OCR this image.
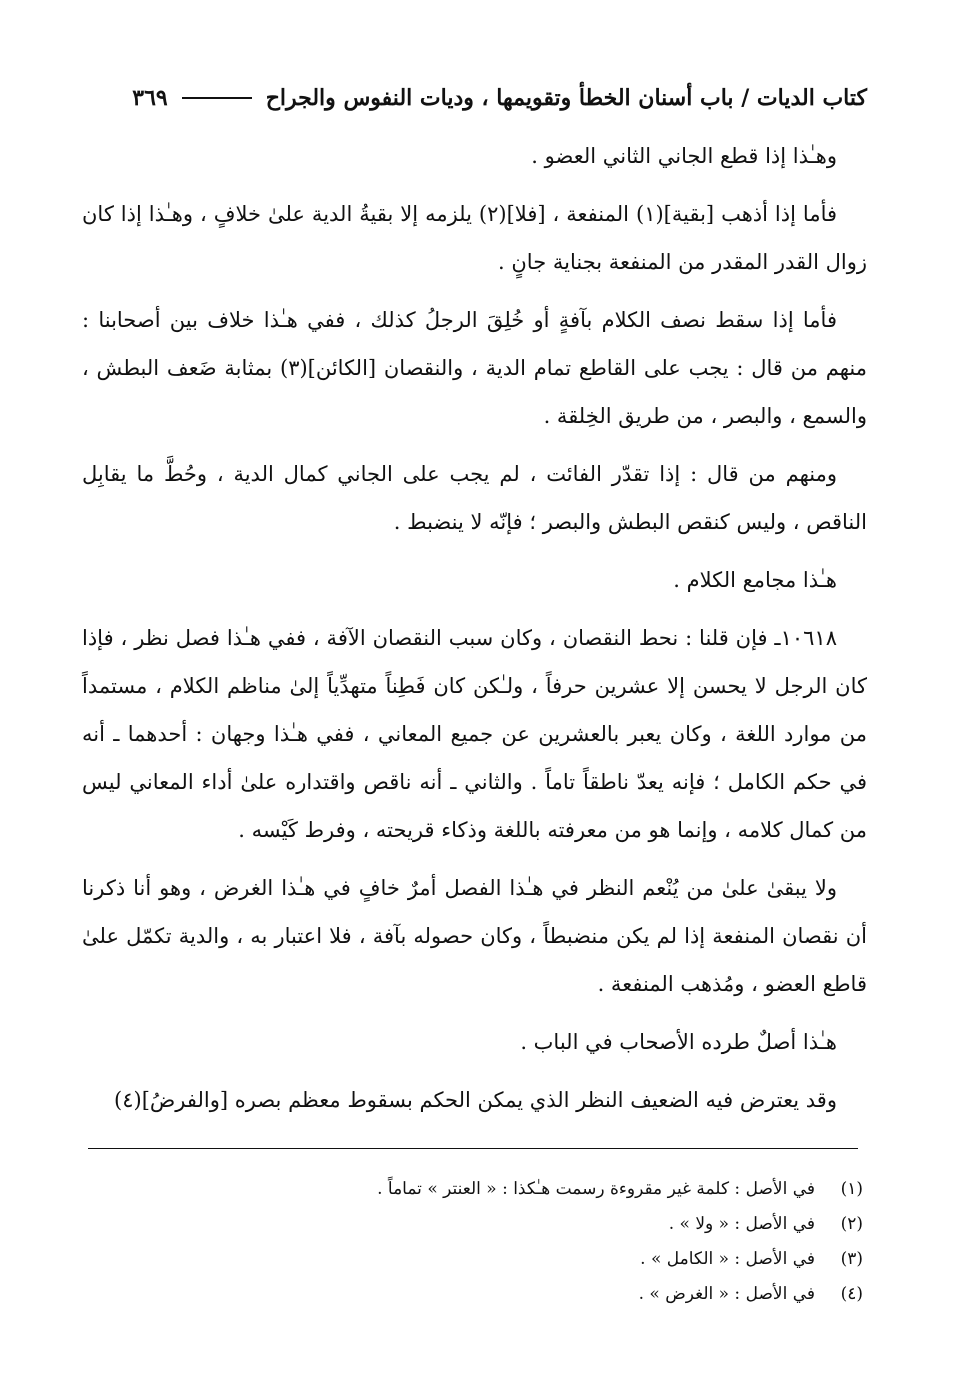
كتاب الديات / باب أسنان الخطأ وتقويمها ، وديات النفوس والجراح
٣٦٩

وهـٰذا إذا قطع الجاني الثاني العضو .

فأما إذا أذهب [بقية](١) المنفعة ، [فلا](٢) يلزمه إلا بقيةُ الدية علىٰ خلافٍ ، وهـٰذا إذا كان زوال القدر المقدر من المنفعة بجناية جانٍ .

فأما إذا سقط نصف الكلام بآفةٍ أو خُلِقَ الرجلُ كذلك ، ففي هـٰذا خلاف بين أصحابنا : منهم من قال : يجب على القاطع تمام الدية ، والنقصان [الكائن](٣) بمثابة ضَعف البطش ، والسمع ، والبصر ، من طريق الخِلقة .

ومنهم من قال : إذا تقدّر الفائت ، لم يجب على الجاني كمال الدية ، وحُطَّ ما يقابِل الناقص ، وليس كنقص البطش والبصر ؛ فإنّه لا ينضبط .

هـٰذا مجامع الكلام .

١٠٦١٨ـ فإن قلنا : نحط النقصان ، وكان سبب النقصان الآفة ، ففي هـٰذا فصل نظر ، فإذا كان الرجل لا يحسن إلا عشرين حرفاً ، ولـٰكن كان فَطِناً متهدِّياً إلىٰ مناظم الكلام ، مستمداً من موارد اللغة ، وكان يعبر بالعشرين عن جميع المعاني ، ففي هـٰذا وجهان : أحدهما ـ أنه في حكم الكامل ؛ فإنه يعدّ ناطقاً تاماً . والثاني ـ أنه ناقص واقتداره علىٰ أداء المعاني ليس من كمال كلامه ، وإنما هو من معرفته باللغة وذكاء قريحته ، وفرط كَيْسه .

ولا يبقىٰ علىٰ من يُنْعم النظر في هـٰذا الفصل أمرٌ خافٍ في هـٰذا الغرض ، وهو أنا ذكرنا أن نقصان المنفعة إذا لم يكن منضبطاً ، وكان حصوله بآفة ، فلا اعتبار به ، والدية تكمّل علىٰ قاطع العضو ، ومُذهب المنفعة .

هـٰذا أصلٌ طرده الأصحاب في الباب .

وقد يعترض فيه الضعيف النظر الذي يمكن الحكم بسقوط معظم بصره [والفرضُ](٤)

(١)
في الأصل : كلمة غير مقروءة رسمت هـٰكذا : « العنتر » تماماً .
(٢)
في الأصل : « ولا » .
(٣)
في الأصل : « الكامل » .
(٤)
في الأصل : « الغرض » .
